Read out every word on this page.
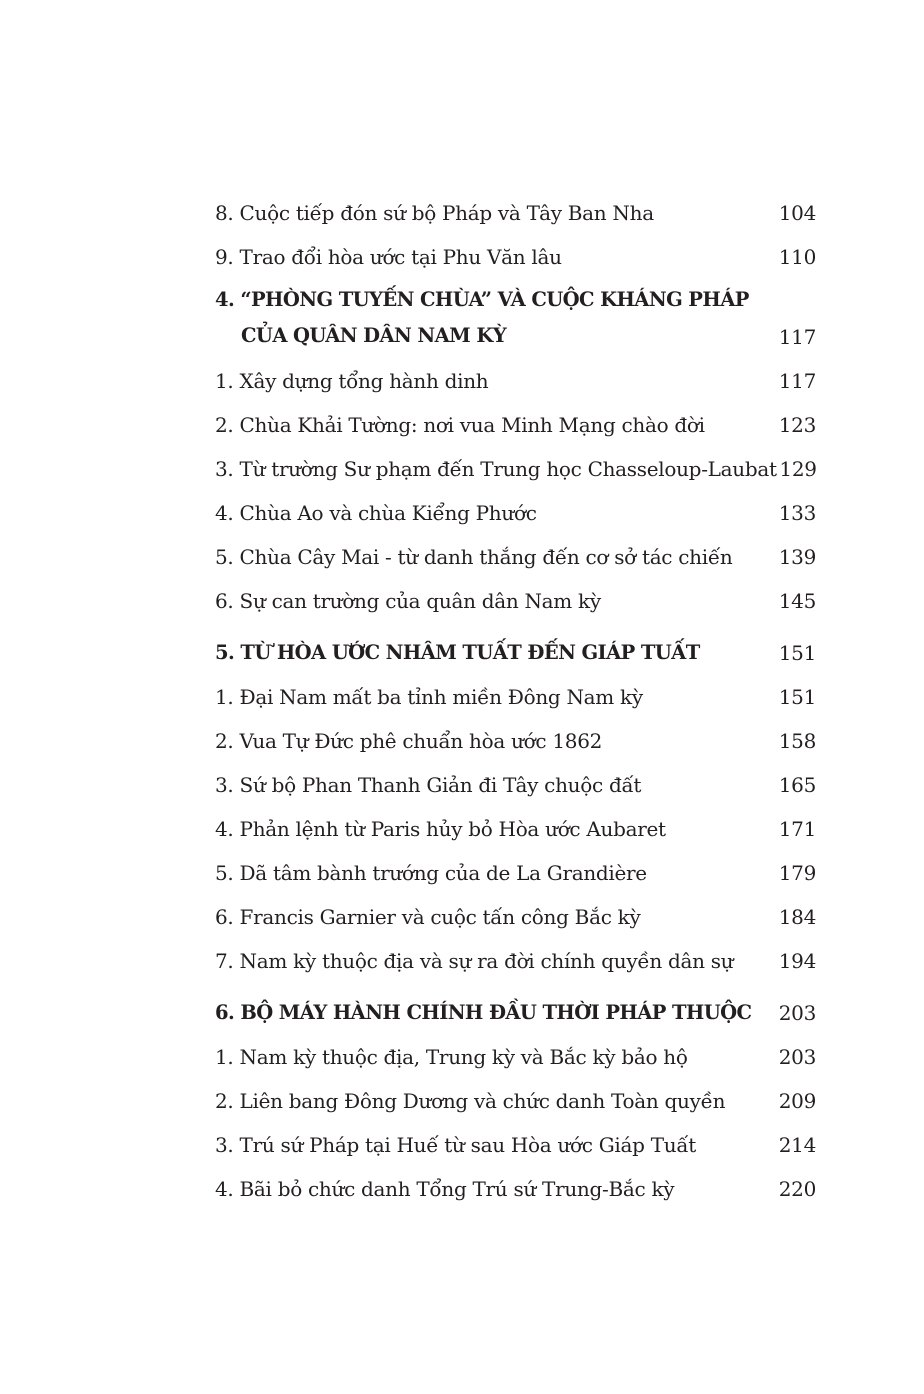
8. Cuộc tiếp đón sứ bộ Pháp và Tây Ban Nha	104
9. Trao đổi hòa ước tại Phu Văn lâu	110
4. “PHÒNG TUYẾN CHÙA” VÀ CUỘC KHÁNG PHÁP
CỦA QUÂN DÂN NAM KỲ	117
1. Xây dựng tổng hành dinh	117
2. Chùa Khải Tường: nơi vua Minh Mạng chào đời	123
3. Từ trường Sư phạm đến Trung học Chasseloup-Laubat 129
4. Chùa Ao và chùa Kiểng Phước	133
5. Chùa Cây Mai - từ danh thắng đến cơ sở tác chiến	139
6. Sự can trường của quân dân Nam kỳ	145
5. TỪ HÒA ƯỚC NHÂM TUẤT ĐẾN GIÁP TUẤT	151
1. Đại Nam mất ba tỉnh miền Đông Nam kỳ	151
2. Vua Tự Đức phê chuẩn hòa ước 1862	158
3. Sứ bộ Phan Thanh Giản đi Tây chuộc đất	165
4. Phản lệnh từ Paris hủy bỏ Hòa ước Aubaret	171
5. Dã tâm bành trướng của de La Grandière	179
6. Francis Garnier và cuộc tấn công Bắc kỳ	184
7. Nam kỳ thuộc địa và sự ra đời chính quyền dân sự	194
6. BỘ MÁY HÀNH CHÍNH ĐẦU THỜI PHÁP THUỘC	203
1. Nam kỳ thuộc địa, Trung kỳ và Bắc kỳ bảo hộ	203
2. Liên bang Đông Dương và chức danh Toàn quyền	209
3. Trú sứ Pháp tại Huế từ sau Hòa ước Giáp Tuất	214
4. Bãi bỏ chức danh Tổng Trú sứ Trung-Bắc kỳ	220
